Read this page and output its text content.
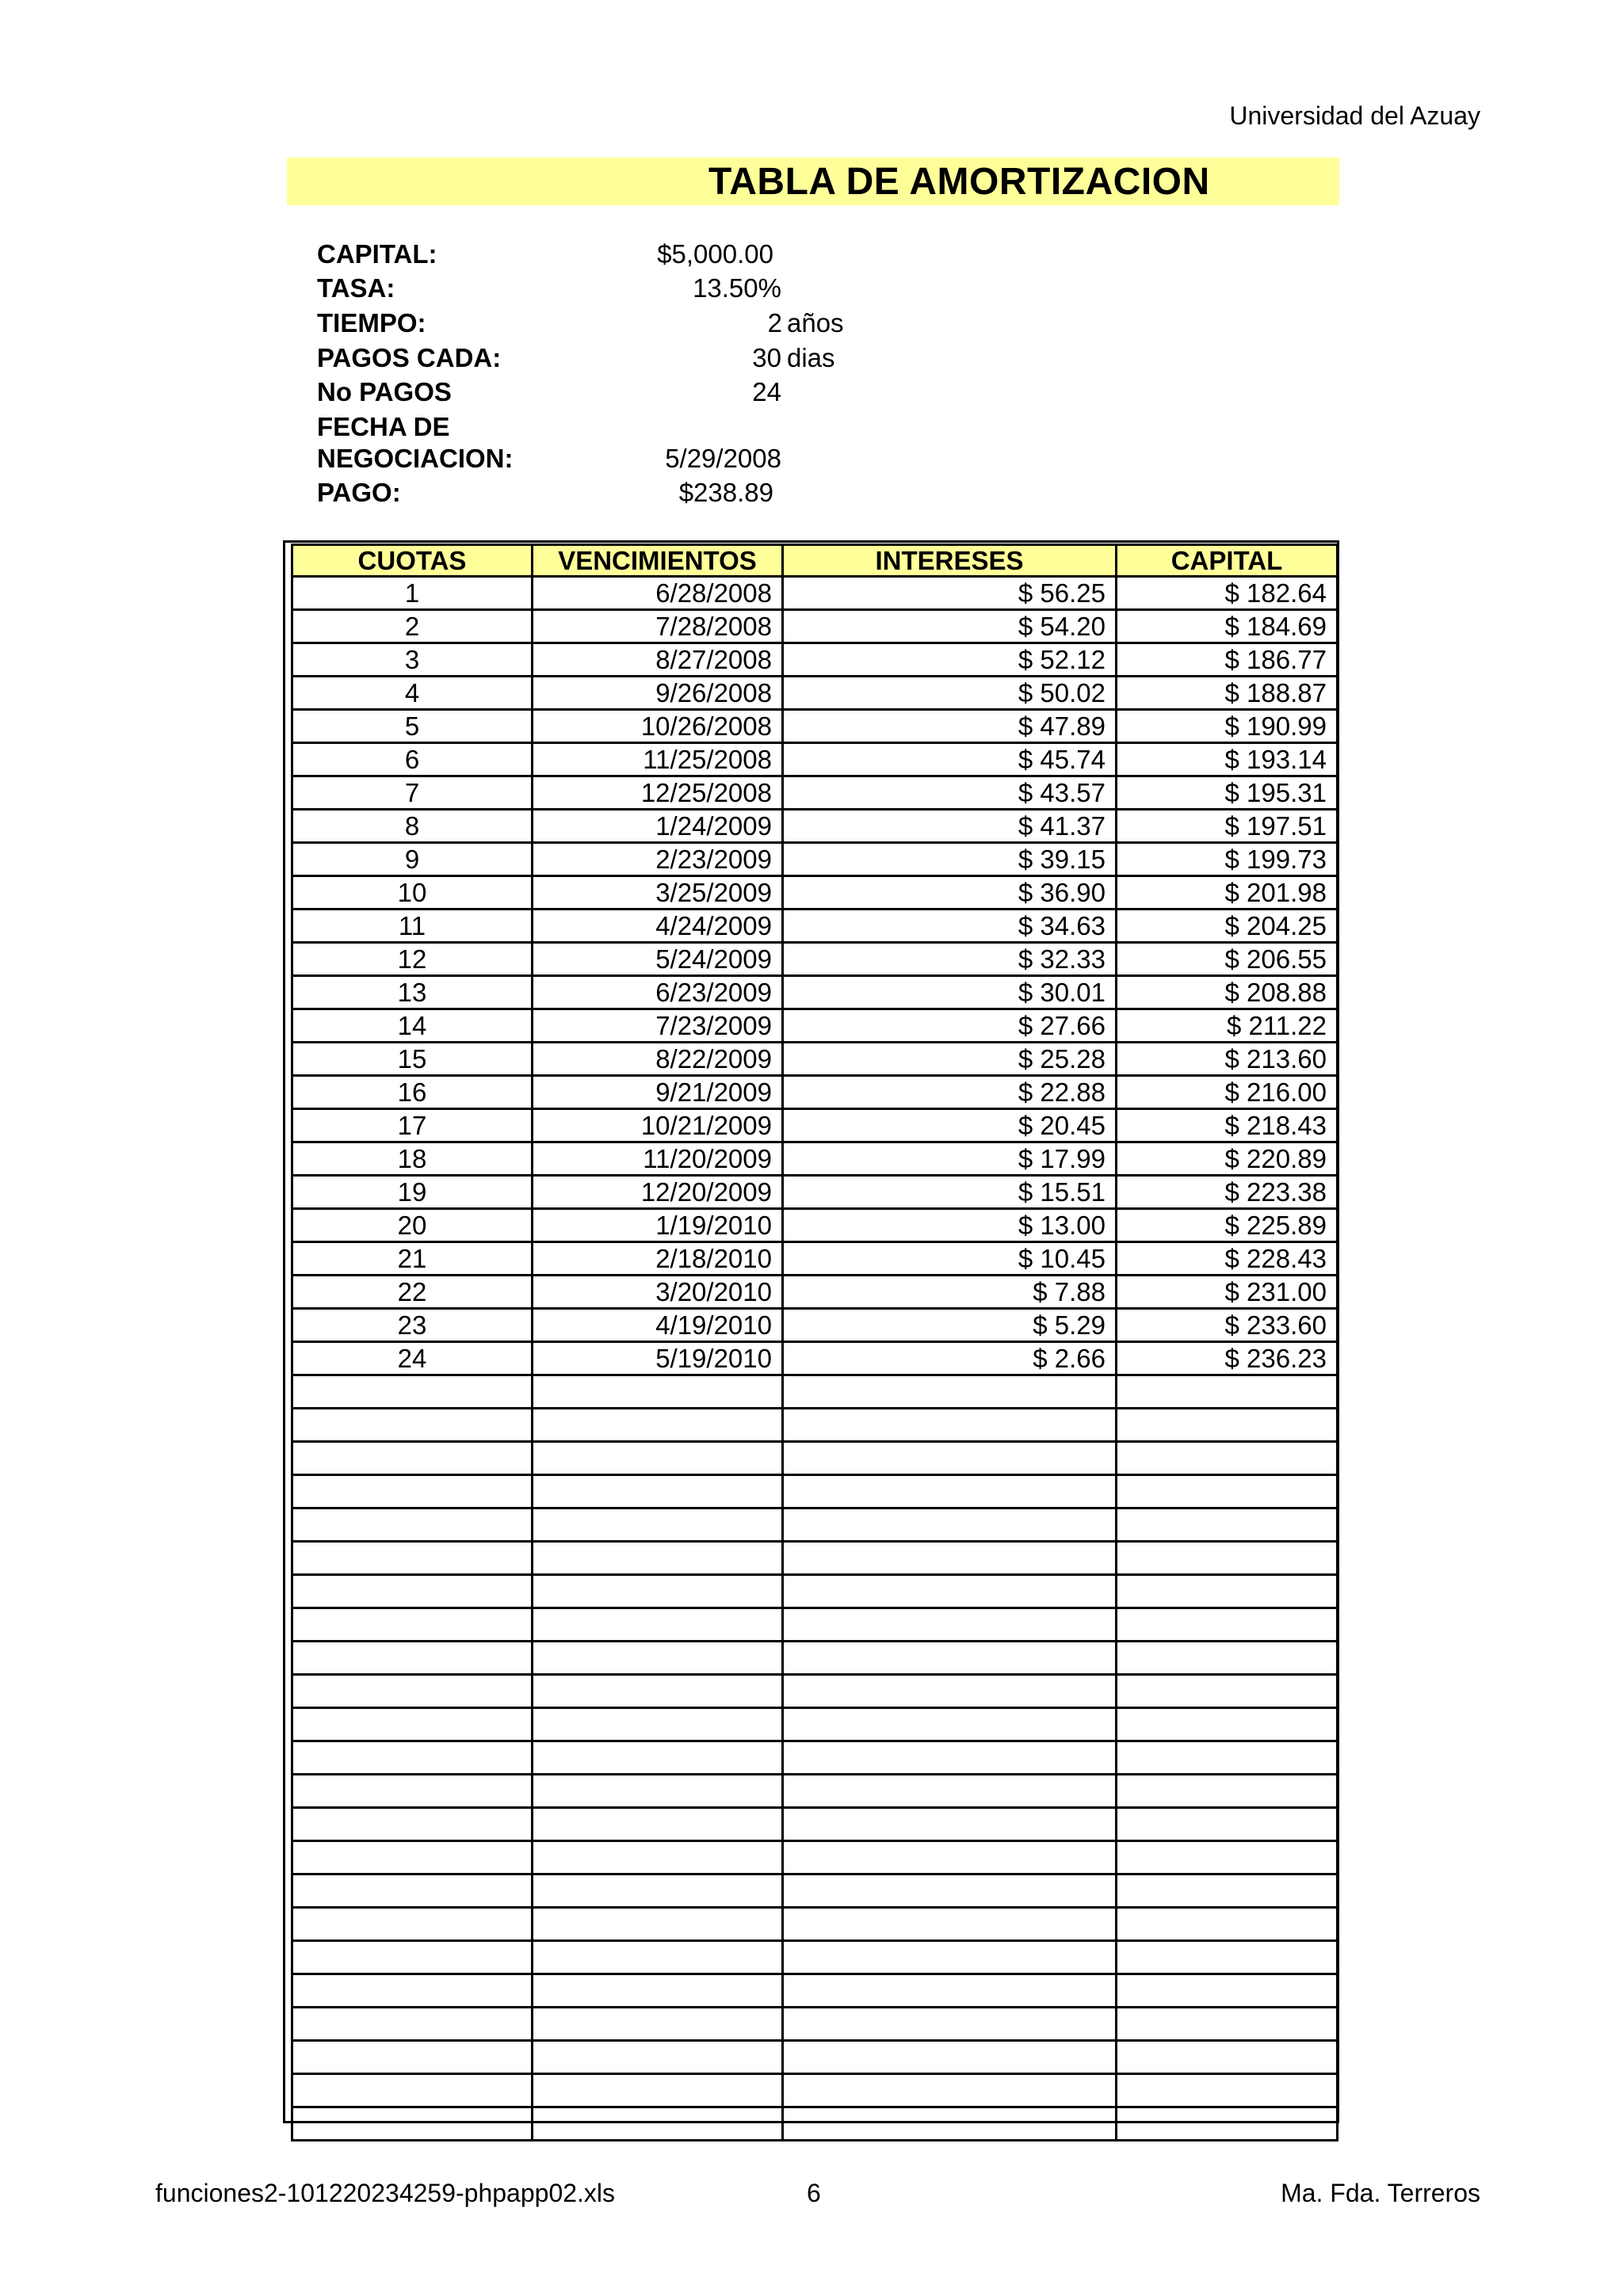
Universidad del Azuay
TABLA DE AMORTIZACION
CAPITAL:	$5,000.00
TASA:	13.50%
TIEMPO:	2 años
PAGOS CADA:	30 dias
No PAGOS	24
FECHA DE
NEGOCIACION:	5/29/2008
PAGO:	$238.89
CUOTAS	VENCIMIENTOS	INTERESES	CAPITAL
1	6/28/2008	$ 56.25	$ 182.64
2	7/28/2008	$ 54.20	$ 184.69
3	8/27/2008	$ 52.12	$ 186.77
4	9/26/2008	$ 50.02	$ 188.87
5	10/26/2008	$ 47.89	$ 190.99
6	11/25/2008	$ 45.74	$ 193.14
7	12/25/2008	$ 43.57	$ 195.31
8	1/24/2009	$ 41.37	$ 197.51
9	2/23/2009	$ 39.15	$ 199.73
10	3/25/2009	$ 36.90	$ 201.98
11	4/24/2009	$ 34.63	$ 204.25
12	5/24/2009	$ 32.33	$ 206.55
13	6/23/2009	$ 30.01	$ 208.88
14	7/23/2009	$ 27.66	$ 211.22
15	8/22/2009	$ 25.28	$ 213.60
16	9/21/2009	$ 22.88	$ 216.00
17	10/21/2009	$ 20.45	$ 218.43
18	11/20/2009	$ 17.99	$ 220.89
19	12/20/2009	$ 15.51	$ 223.38
20	1/19/2010	$ 13.00	$ 225.89
21	2/18/2010	$ 10.45	$ 228.43
22	3/20/2010	$ 7.88	$ 231.00
23	4/19/2010	$ 5.29	$ 233.60
24	5/19/2010	$ 2.66	$ 236.23

funciones2-101220234259-phpapp02.xls	6	Ma. Fda. Terreros
